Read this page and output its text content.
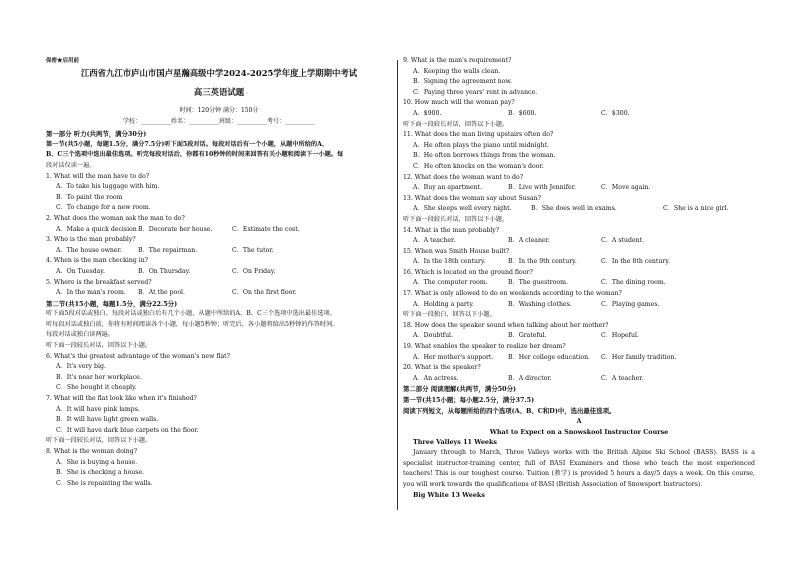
保密★启用前
江西省九江市庐山市国卢星瀚高级中学2024-2025学年度上学期期中考试
高三英语试题
时间：120分钟 满分：150分
学校：__________姓名：__________班级：__________考号：__________
第一部分 听力(共两节，满分30分)
第一节(共5小题，每题1.5分，满分7.5分)听下面5段对话。每段对话后有一个小题，从题中所给的A、
B、C三个选项中选出最佳选项。听完每段对话后，你都有10秒钟的时间来回答有关小题和阅读下一小题。每
段对话仅读一遍。
1. What will the man have to do?
A．To take his luggage with him.
B．To paint the room
C．To change for a new room.
2. What does the woman ask the man to do?
A．Make a quick decision B．Decorate her house.	C．Estimate the cost.
3. Who is the man probably?
A．The house owner.	B．The repairman.	C．The tutor.
4. When is the man checking in?
A．On Tuesday.	B．On Thursday.	C．On Friday.
5. Where is the breakfast served?
A．In the man's room.	B．At the pool.	C．On the first floor.
第二节(共15小题，每题1.5分，满分22.5分)
听下面5段对话或独白。每段对话或独白后有几个小题，从题中所给的A、B、C三个选项中选出最佳选项。
听每段对话或独白前，你将有时间阅读各个小题，每小题5秒钟；听完后，各小题将给出5秒钟的作答时间。
每段对话或独白读两遍。
听下面一段较长对话，回答以下小题。
6. What's the greatest advantage of the woman's new flat?
A．It's very big.
B．It's near her workplace.
C．She bought it cheaply.
7. What will the flat look like when it's finished?
A．It will have pink lamps.
B．It will have light green walls.
C．It will have dark blue carpets on the floor.
听下面一段较长对话，回答以下小题。
8. What is the woman doing?
A．She is buying a house.
B．She is checking a house.
C．She is repainting the walls.
9. What is the man's requirement?
A．Keeping the walls clean.
B．Signing the agreement now.
C．Paying three years' rent in advance.
10. How much will the woman pay?
A．$900.	B．$600.	C．$300.
听下面一段较长对话，回答以下小题。
11. What does the man living upstairs often do?
A．He often plays the piano until midnight.
B．He often borrows things from the woman.
C．He often knocks on the woman's door.
12. What does the woman want to do?
A．Buy an apartment.	B．Live with Jennifer.	C．Move again.
13. What does the woman say about Susan?
A．She sleeps well every night.	B．She does well in exams.	C．She is a nice girl.
听下面一段较长对话，回答以下小题。
14. What is the man probably?
A．A teacher.	B．A cleaner.	C．A student.
15. When was Smith House built?
A．In the 18th century.	B．In the 9th century.	C．In the 8th century.
16. Which is located on the ground floor?
A．The computer room.	B．The guestroom.	C．The dining room.
17. What is only allowed to do on weekends according to the woman?
A．Holding a party.	B．Washing clothes.	C．Playing games.
听下面一段独白，回答以下小题。
18. How does the speaker sound when talking about her mother?
A．Doubtful.	B．Grateful.	C．Hopeful.
19. What enables the speaker to realize her dream?
A．Her mother's support.	B．Her college education.	C．Her family tradition.
20. What is the speaker?
A．An actress.	B．A director.	C．A teacher.
第二部分 阅读理解(共两节，满分50分)
第一节(共15小题；每小题2.5分，满分37.5)
阅读下列短文，从每题所给的四个选项(A、B、C和D)中，选出最佳选项。
A
What to Expect on a Snowskool Instructor Course
Three Valleys 11 Weeks
January through to March, Three Valleys works with the British Alpine Ski School (BASS). BASS is a specialist instructor-training center, full of BASI Examiners and those who teach the most experienced teachers! This is our toughest course. Tuition (教学) is provided 5 hours a day/5 days a week. On this course, you will work towards the qualifications of BASI (British Association of Snowsport Instructors).
Big White 13 Weeks
